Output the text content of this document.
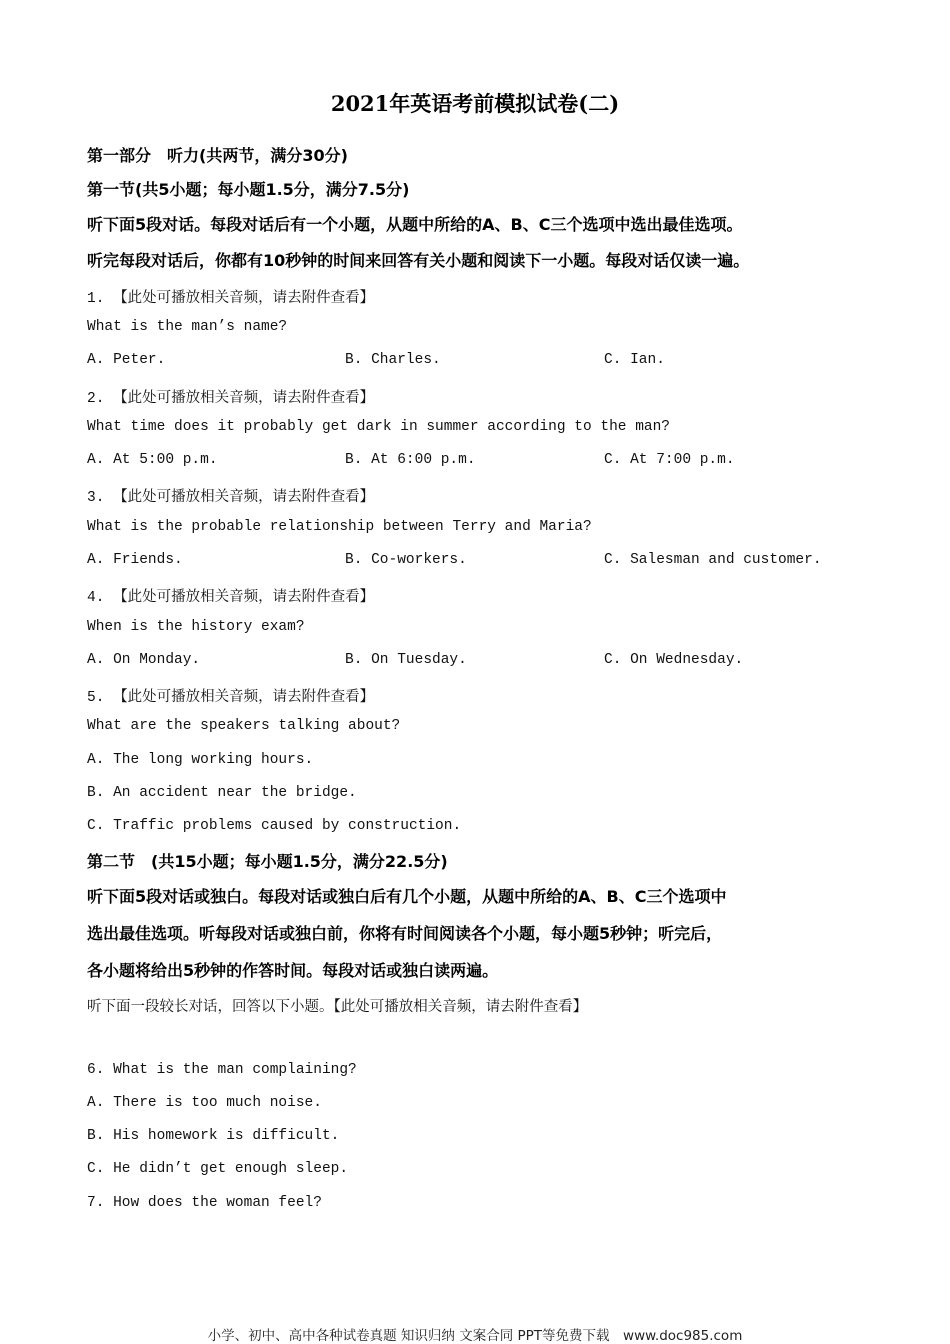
2021年英语考前模拟试卷(二)
第一部分　听力(共两节，满分30分)
第一节(共5小题；每小题1.5分，满分7.5分)
听下面5段对话。每段对话后有一个小题，从题中所给的A、B、C三个选项中选出最佳选项。
听完每段对话后，你都有10秒钟的时间来回答有关小题和阅读下一小题。每段对话仅读一遍。
1. 【此处可播放相关音频，请去附件查看】
What is the man’s name?
A. Peter.	B. Charles.	C. Ian.
2. 【此处可播放相关音频，请去附件查看】
What time does it probably get dark in summer according to the man?
A. At 5:00 p.m.	B. At 6:00 p.m.	C. At 7:00 p.m.
3. 【此处可播放相关音频，请去附件查看】
What is the probable relationship between Terry and Maria?
A. Friends.	B. Co-workers.	C. Salesman and customer.
4. 【此处可播放相关音频，请去附件查看】
When is the history exam?
A. On Monday.	B. On Tuesday.	C. On Wednesday.
5. 【此处可播放相关音频，请去附件查看】
What are the speakers talking about?
A. The long working hours.
B. An accident near the bridge.
C. Traffic problems caused by construction.
第二节　(共15小题；每小题1.5分，满分22.5分)
听下面5段对话或独白。每段对话或独白后有几个小题，从题中所给的A、B、C三个选项中
选出最佳选项。听每段对话或独白前，你将有时间阅读各个小题，每小题5秒钟；听完后，
各小题将给出5秒钟的作答时间。每段对话或独白读两遍。
听下面一段较长对话，回答以下小题。【此处可播放相关音频，请去附件查看】
6. What is the man complaining?
A. There is too much noise.
B. His homework is difficult.
C. He didn’t get enough sleep.
7. How does the woman feel?
小学、初中、高中各种试卷真题 知识归纳 文案合同 PPT等免费下载　www.doc985.com
